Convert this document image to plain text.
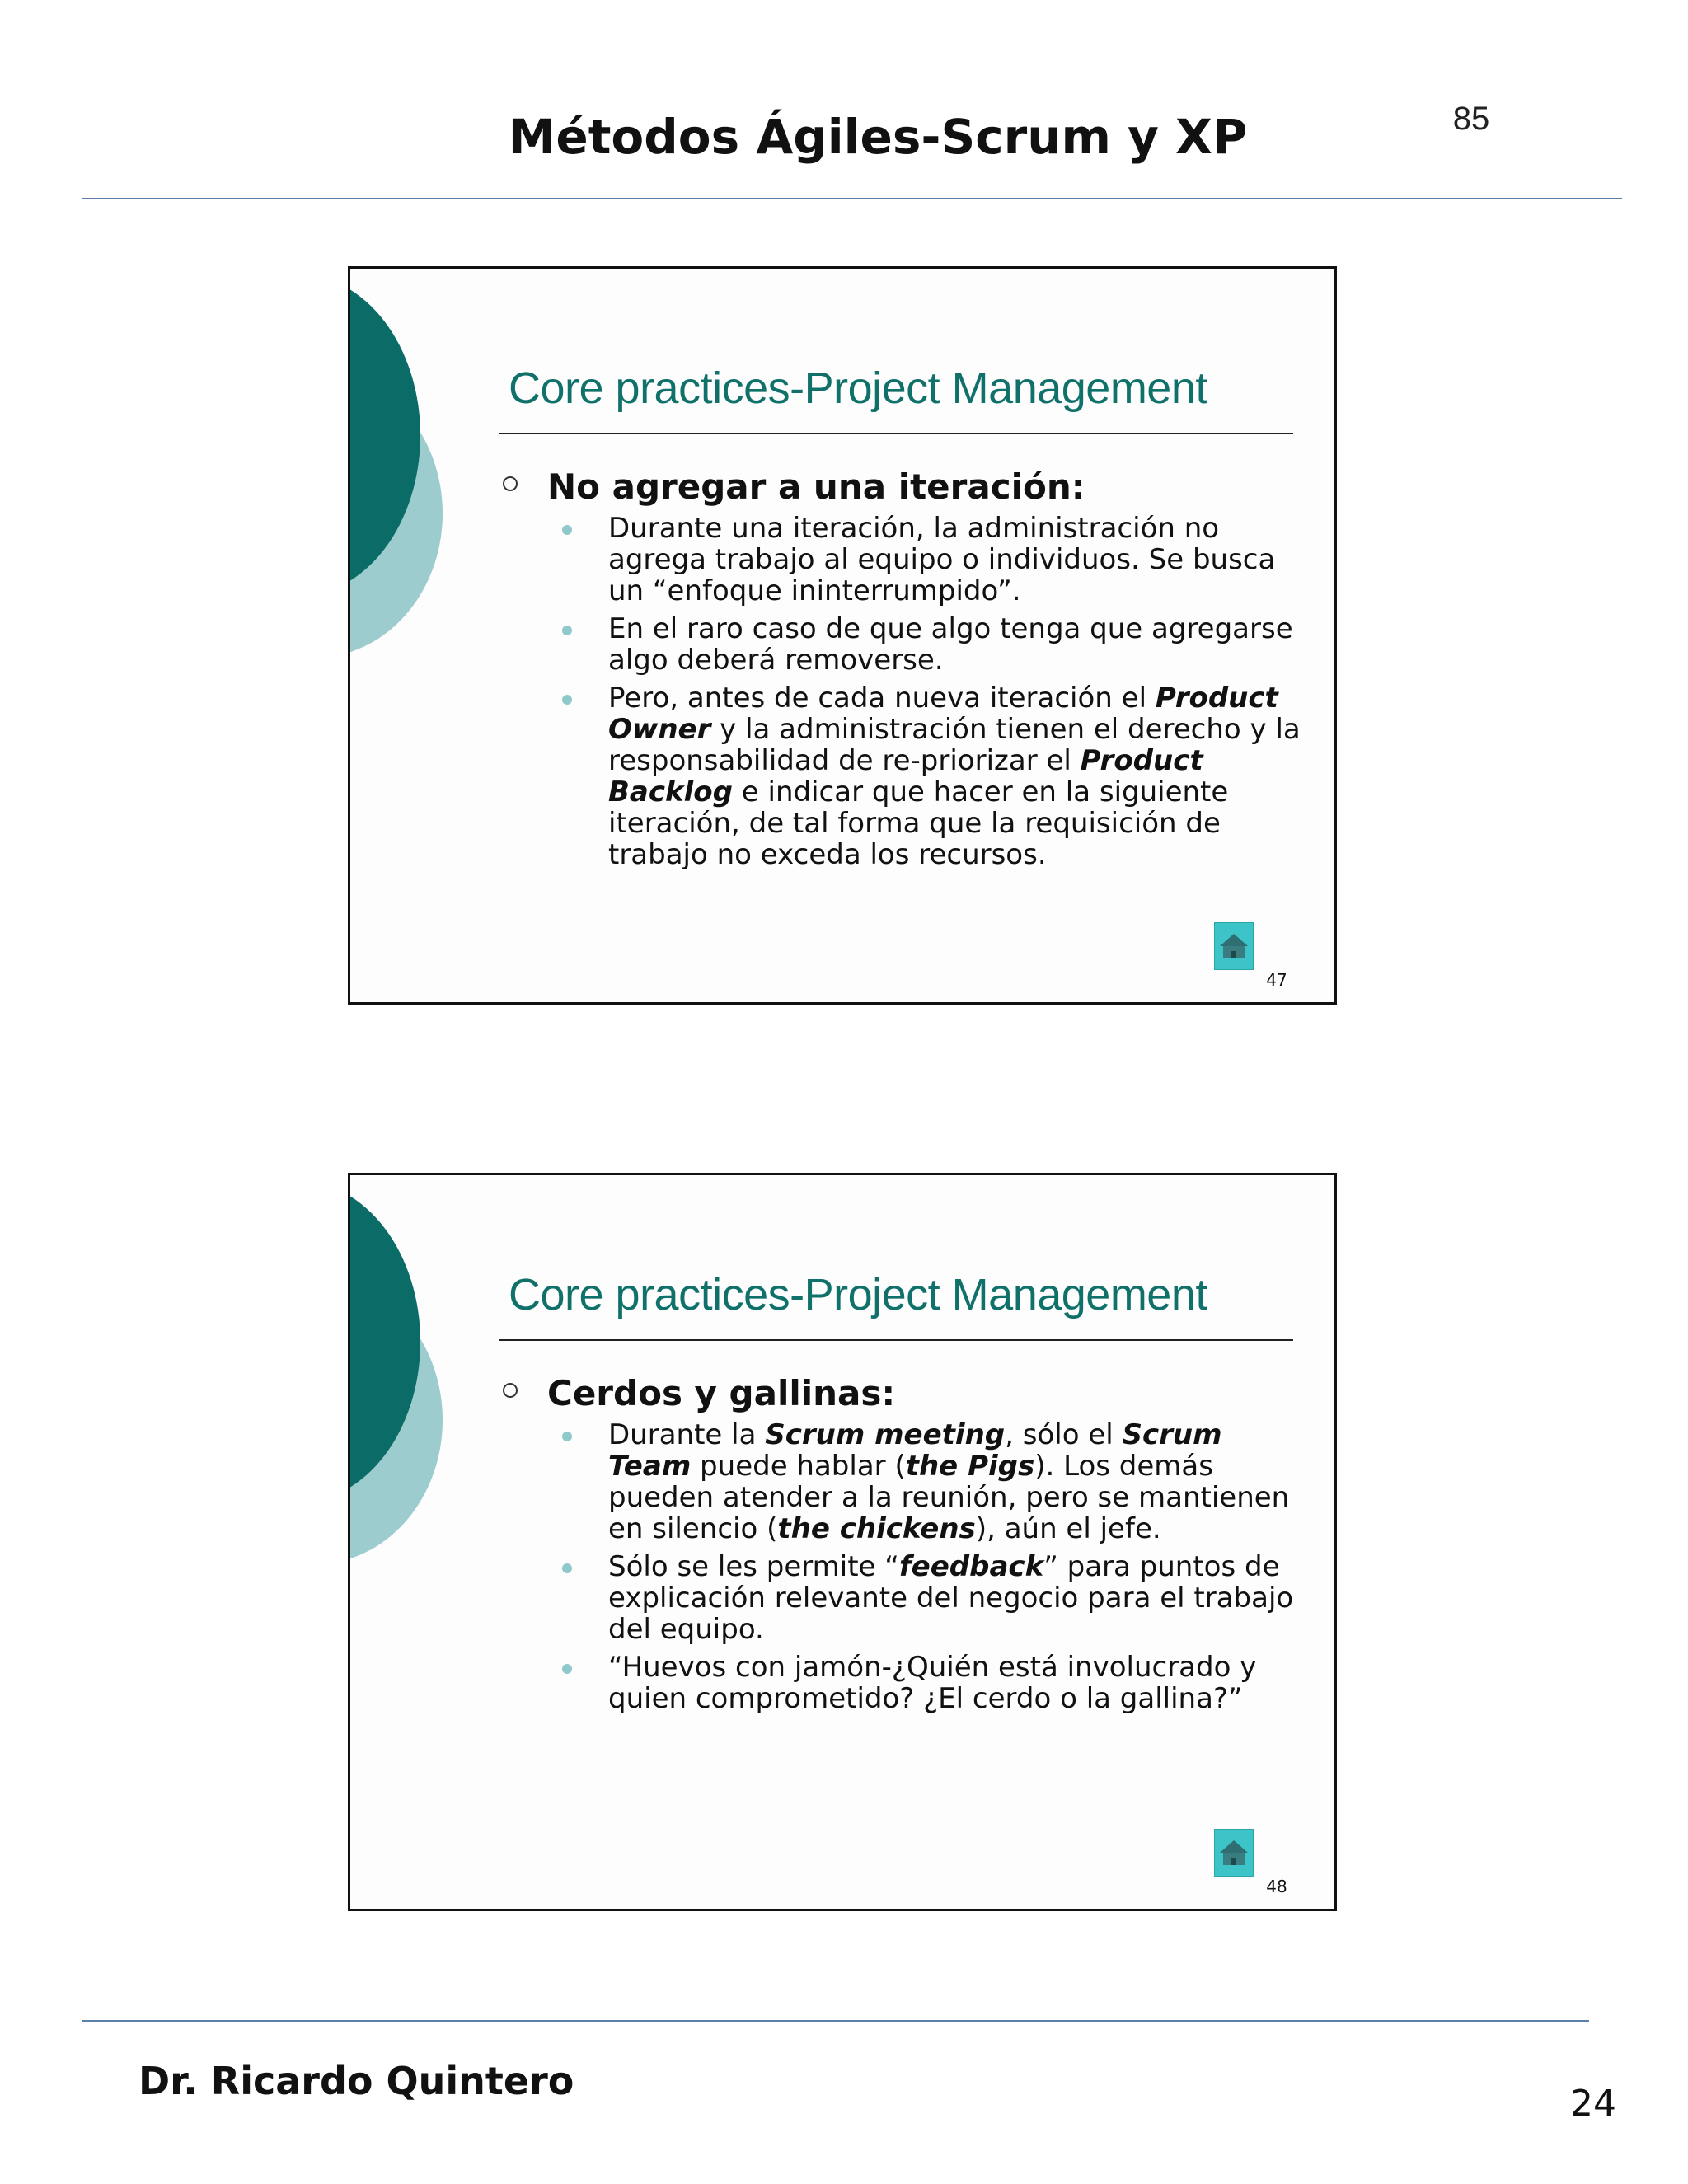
85
Métodos Ágiles-Scrum y XP
Core practices-Project Management
No agregar a una iteración:
Durante una iteración, la administración no agrega trabajo al equipo o individuos. Se busca un “enfoque ininterrumpido”.
En el raro caso de que algo tenga que agregarse algo deberá removerse.
Pero, antes de cada nueva iteración el Product Owner y la administración tienen el derecho y la responsabilidad de re-priorizar el Product Backlog e indicar que hacer en la siguiente iteración, de tal forma que la requisición de trabajo no exceda los recursos.
47
Core practices-Project Management
Cerdos y gallinas:
Durante la Scrum meeting, sólo el Scrum Team puede hablar (the Pigs). Los demás pueden atender a la reunión, pero se mantienen en silencio (the chickens), aún el jefe.
Sólo se les permite “feedback” para puntos de explicación relevante del negocio para el trabajo del equipo.
“Huevos con jamón-¿Quién está involucrado y quien comprometido? ¿El cerdo o la gallina?”
48
Dr. Ricardo Quintero
24
